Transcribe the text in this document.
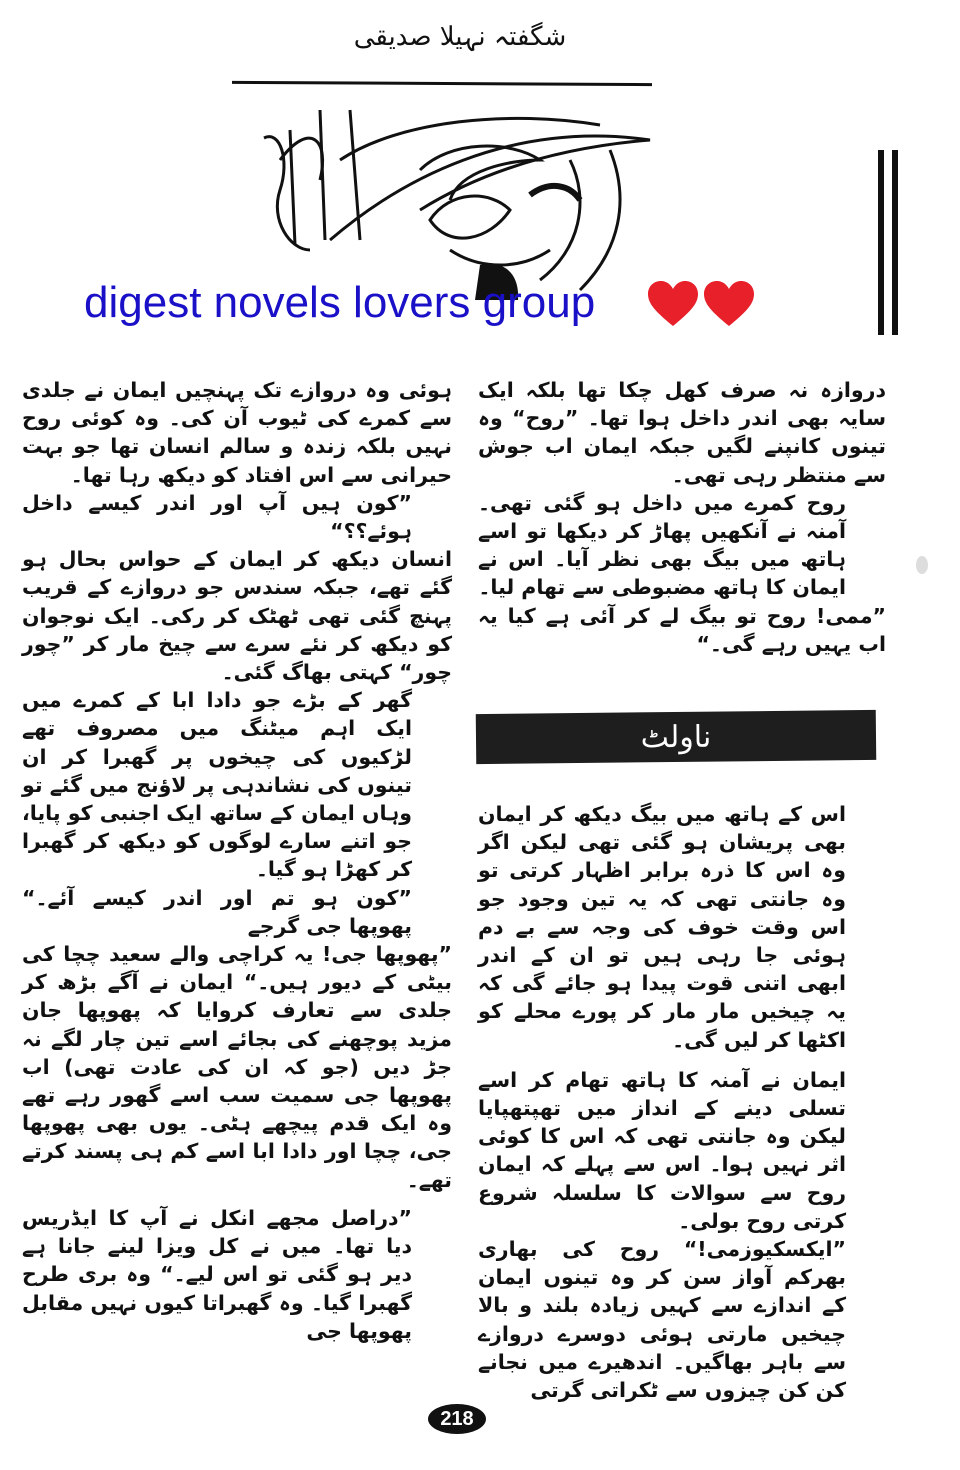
شگفتہ نہیلا صدیقی
digest novels lovers group

دروازہ نہ صرف کھل چکا تھا بلکہ ایک سایہ بھی اندر داخل ہوا تھا۔ ”روح“ وہ تینوں کانپنے لگیں جبکہ ایمان اب جوش سے منتظر رہی تھی۔

روح کمرے میں داخل ہو گئی تھی۔ آمنہ نے آنکھیں پھاڑ کر دیکھا تو اسے ہاتھ میں بیگ بھی نظر آیا۔ اس نے ایمان کا ہاتھ مضبوطی سے تھام لیا۔

”ممی! روح تو بیگ لے کر آئی ہے کیا یہ اب یہیں رہے گی۔“

ناولٹ

اس کے ہاتھ میں بیگ دیکھ کر ایمان بھی پریشان ہو گئی تھی لیکن اگر وہ اس کا ذرہ برابر اظہار کرتی تو وہ جانتی تھی کہ یہ تین وجود جو اس وقت خوف کی وجہ سے بے دم ہوئی جا رہی ہیں تو ان کے اندر ابھی اتنی قوت پیدا ہو جائے گی کہ یہ چیخیں مار مار کر پورے محلے کو اکٹھا کر لیں گی۔

ایمان نے آمنہ کا ہاتھ تھام کر اسے تسلی دینے کے انداز میں تھپتھپایا لیکن وہ جانتی تھی کہ اس کا کوئی اثر نہیں ہوا۔ اس سے پہلے کہ ایمان روح سے سوالات کا سلسلہ شروع کرتی روح بولی۔

”ایکسکیوزمی!“ روح کی بھاری بھرکم آواز سن کر وہ تینوں ایمان کے اندازے سے کہیں زیادہ بلند و بالا چیخیں مارتی ہوئی دوسرے دروازے سے باہر بھاگیں۔ اندھیرے میں نجانے کن کن چیزوں سے ٹکراتی گرتی

ہوئی وہ دروازے تک پہنچیں ایمان نے جلدی سے کمرے کی ٹیوب آن کی۔ وہ کوئی روح نہیں بلکہ زندہ و سالم انسان تھا جو بہت حیرانی سے اس افتاد کو دیکھ رہا تھا۔

”کون ہیں آپ اور اندر کیسے داخل ہوئے؟؟“

انسان دیکھ کر ایمان کے حواس بحال ہو گئے تھے، جبکہ سندس جو دروازے کے قریب پہنچ گئی تھی ٹھٹک کر رکی۔ ایک نوجوان کو دیکھ کر نئے سرے سے چیخ مار کر ”چور چور“ کہتی بھاگ گئی۔

گھر کے بڑے جو دادا ابا کے کمرے میں ایک اہم میٹنگ میں مصروف تھے لڑکیوں کی چیخوں پر گھبرا کر ان تینوں کی نشاندہی پر لاؤنج میں گئے تو وہاں ایمان کے ساتھ ایک اجنبی کو پایا، جو اتنے سارے لوگوں کو دیکھ کر گھبرا کر کھڑا ہو گیا۔

”کون ہو تم اور اندر کیسے آئے۔“ پھوپھا جی گرجے

”پھوپھا جی! یہ کراچی والے سعید چچا کی بیٹی کے دیور ہیں۔“ ایمان نے آگے بڑھ کر جلدی سے تعارف کروایا کہ پھوپھا جان مزید پوچھنے کی بجائے اسے تین چار لگے نہ جڑ دیں (جو کہ ان کی عادت تھی) اب پھوپھا جی سمیت سب اسے گھور رہے تھے وہ ایک قدم پیچھے ہٹی۔ یوں بھی پھوپھا جی، چچا اور دادا ابا اسے کم ہی پسند کرتے تھے۔

”دراصل مجھے انکل نے آپ کا ایڈریس دیا تھا۔ میں نے کل ویزا لینے جانا ہے دیر ہو گئی تو اس لیے۔“ وہ بری طرح گھبرا گیا۔ وہ گھبراتا کیوں نہیں مقابل پھوپھا جی

218
